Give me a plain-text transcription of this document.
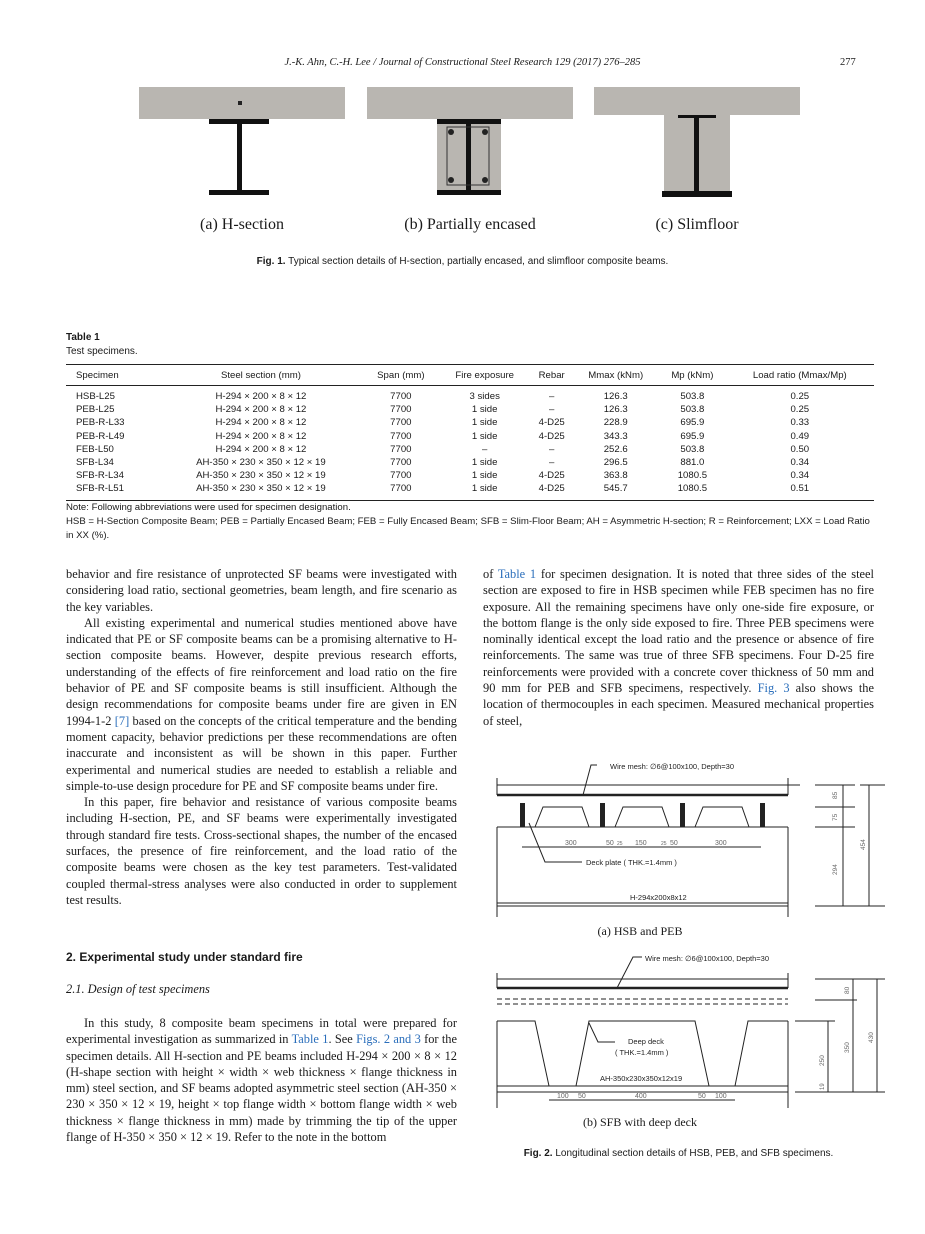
J.-K. Ahn, C.-H. Lee / Journal of Constructional Steel Research 129 (2017) 276–285	277
(a) H-section	(b) Partially encased	(c) Slimfloor
Fig. 1. Typical section details of H-section, partially encased, and slimfloor composite beams.
Table 1
Test specimens.
Specimen	Steel section (mm)	Span (mm)	Fire exposure	Rebar	Mmax (kNm)	Mp (kNm)	Load ratio (Mmax/Mp)
HSB-L25	H-294 × 200 × 8 × 12	7700	3 sides	–	126.3	503.8	0.25
PEB-L25	H-294 × 200 × 8 × 12	7700	1 side	–	126.3	503.8	0.25
PEB-R-L33	H-294 × 200 × 8 × 12	7700	1 side	4-D25	228.9	695.9	0.33
PEB-R-L49	H-294 × 200 × 8 × 12	7700	1 side	4-D25	343.3	695.9	0.49
FEB-L50	H-294 × 200 × 8 × 12	7700	–	–	252.6	503.8	0.50
SFB-L34	AH-350 × 230 × 350 × 12 × 19	7700	1 side	–	296.5	881.0	0.34
SFB-R-L34	AH-350 × 230 × 350 × 12 × 19	7700	1 side	4-D25	363.8	1080.5	0.34
SFB-R-L51	AH-350 × 230 × 350 × 12 × 19	7700	1 side	4-D25	545.7	1080.5	0.51
Note: Following abbreviations were used for specimen designation.
HSB = H-Section Composite Beam; PEB = Partially Encased Beam; FEB = Fully Encased Beam; SFB = Slim-Floor Beam; AH = Asymmetric H-section; R = Reinforcement; LXX = Load Ratio in XX (%).

behavior and fire resistance of unprotected SF beams were investigated with considering load ratio, sectional geometries, beam length, and fire scenario as the key variables.

All existing experimental and numerical studies mentioned above have indicated that PE or SF composite beams can be a promising alternative to H-section composite beams. However, despite previous research efforts, understanding of the effects of fire reinforcement and load ratio on the fire behavior of PE and SF composite beams is still insufficient. Although the design recommendations for composite beams under fire are given in EN 1994-1-2 [7] based on the concepts of the critical temperature and the bending moment capacity, behavior predictions per these recommendations are often inaccurate and inconsistent as will be shown in this paper. Further experimental and numerical studies are needed to establish a reliable and simple-to-use design procedure for PE and SF composite beams under fire.

In this paper, fire behavior and resistance of various composite beams including H-section, PE, and SF beams were experimentally investigated through standard fire tests. Cross-sectional shapes, the number of the encased surfaces, the presence of fire reinforcement, and the load ratio of the composite beams were chosen as the key test parameters. Test-validated coupled thermal-stress analyses were also conducted in order to supplement test results.

2. Experimental study under standard fire
2.1. Design of test specimens

In this study, 8 composite beam specimens in total were prepared for experimental investigation as summarized in Table 1. See Figs. 2 and 3 for the specimen details. All H-section and PE beams included H-294 × 200 × 8 × 12 (H-shape section with height × width × web thickness × flange thickness in mm) steel section, and SF beams adopted asymmetric steel section (AH-350 × 230 × 350 × 12 × 19, height × top flange width × bottom flange width × web thickness × flange thickness in mm) made by trimming the tip of the upper flange of H-350 × 350 × 12 × 19. Refer to the note in the bottom

of Table 1 for specimen designation. It is noted that three sides of the steel section are exposed to fire in HSB specimen while FEB specimen has no fire exposure. All the remaining specimens have only one-side fire exposure, or the bottom flange is the only side exposed to fire. Three PEB specimens were nominally identical except the load ratio and the presence or absence of fire reinforcements. The same was true of three SFB specimens. Four D-25 fire reinforcements were provided with a concrete cover thickness of 50 mm and 90 mm for PEB and SFB specimens, respectively. Fig. 3 also shows the location of thermocouples in each specimen. Measured mechanical properties of steel,

Wire mesh: ∅6@100x100, Depth=30
300	50 25 150	25 50	300
Deck plate ( THK.=1.4mm )
H-294x200x8x12
85
75
294
454
(a) HSB and PEB
Wire mesh: ∅6@100x100, Depth=30
Deep deck
( THK.=1.4mm )
AH-350x230x350x12x19
100 50	400	50 100
80
250
19
350
430
(b) SFB with deep deck
Fig. 2. Longitudinal section details of HSB, PEB, and SFB specimens.
